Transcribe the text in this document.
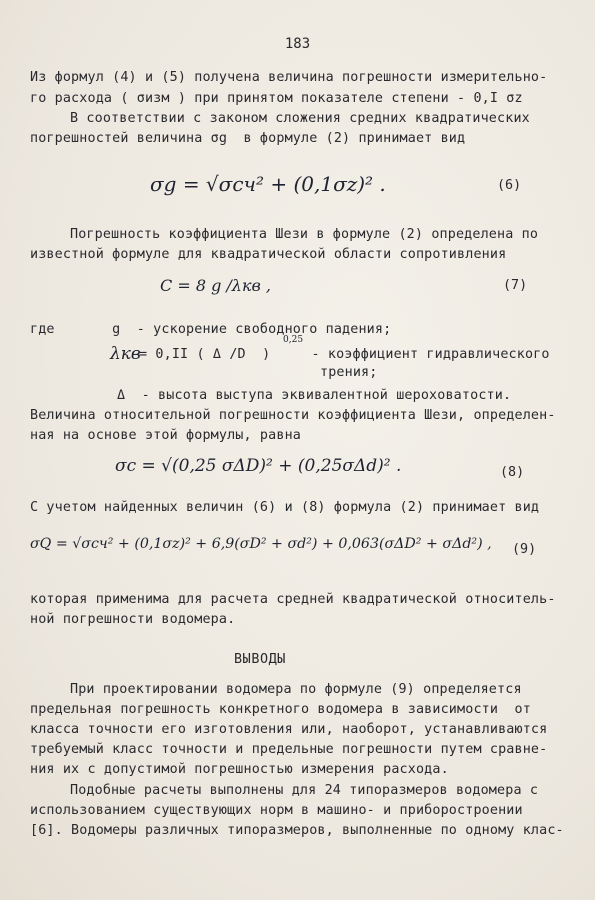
183
Из формул (4) и (5) получена величина погрешности измерительно-
го расхода ( σизм ) при принятом показателе степени - 0,I σz
В соответствии с законом сложения средних квадратических
погрешностей величина σg  в формуле (2) принимает вид
σg = √σсч² + (0,1σz)² .	(6)
Погрешность коэффициента Шези в формуле (2) определена по
известной формуле для квадратической области сопротивления
C = 8 g /λкв ,	(7)
где       g  - ускорение свободного падения;
λкв
0,25
= 0,II ( Δ /D  )     - коэффициент гидравлического
трения;
Δ  - высота выступа эквивалентной шероховатости.
Величина относительной погрешности коэффициента Шези, определен-
ная на основе этой формулы, равна
σc = √(0,25 σΔD)² + (0,25σΔd)² .	(8)
С учетом найденных величин (6) и (8) формула (2) принимает вид
σQ = √σсч² + (0,1σz)² + 6,9(σD² + σd²) + 0,063(σΔD² + σΔd²) , (9)
которая применима для расчета средней квадратической относитель-
ной погрешности водомера.
ВЫВОДЫ
При проектировании водомера по формуле (9) определяется
предельная погрешность конкретного водомера в зависимости  от
класса точности его изготовления или, наоборот, устанавливаются
требуемый класс точности и предельные погрешности путем сравне-
ния их с допустимой погрешностью измерения расхода.
Подобные расчеты выполнены для 24 типоразмеров водомера с
использованием существующих норм в машино- и приборостроении
[6]. Водомеры различных типоразмеров, выполненные по одному клас-
